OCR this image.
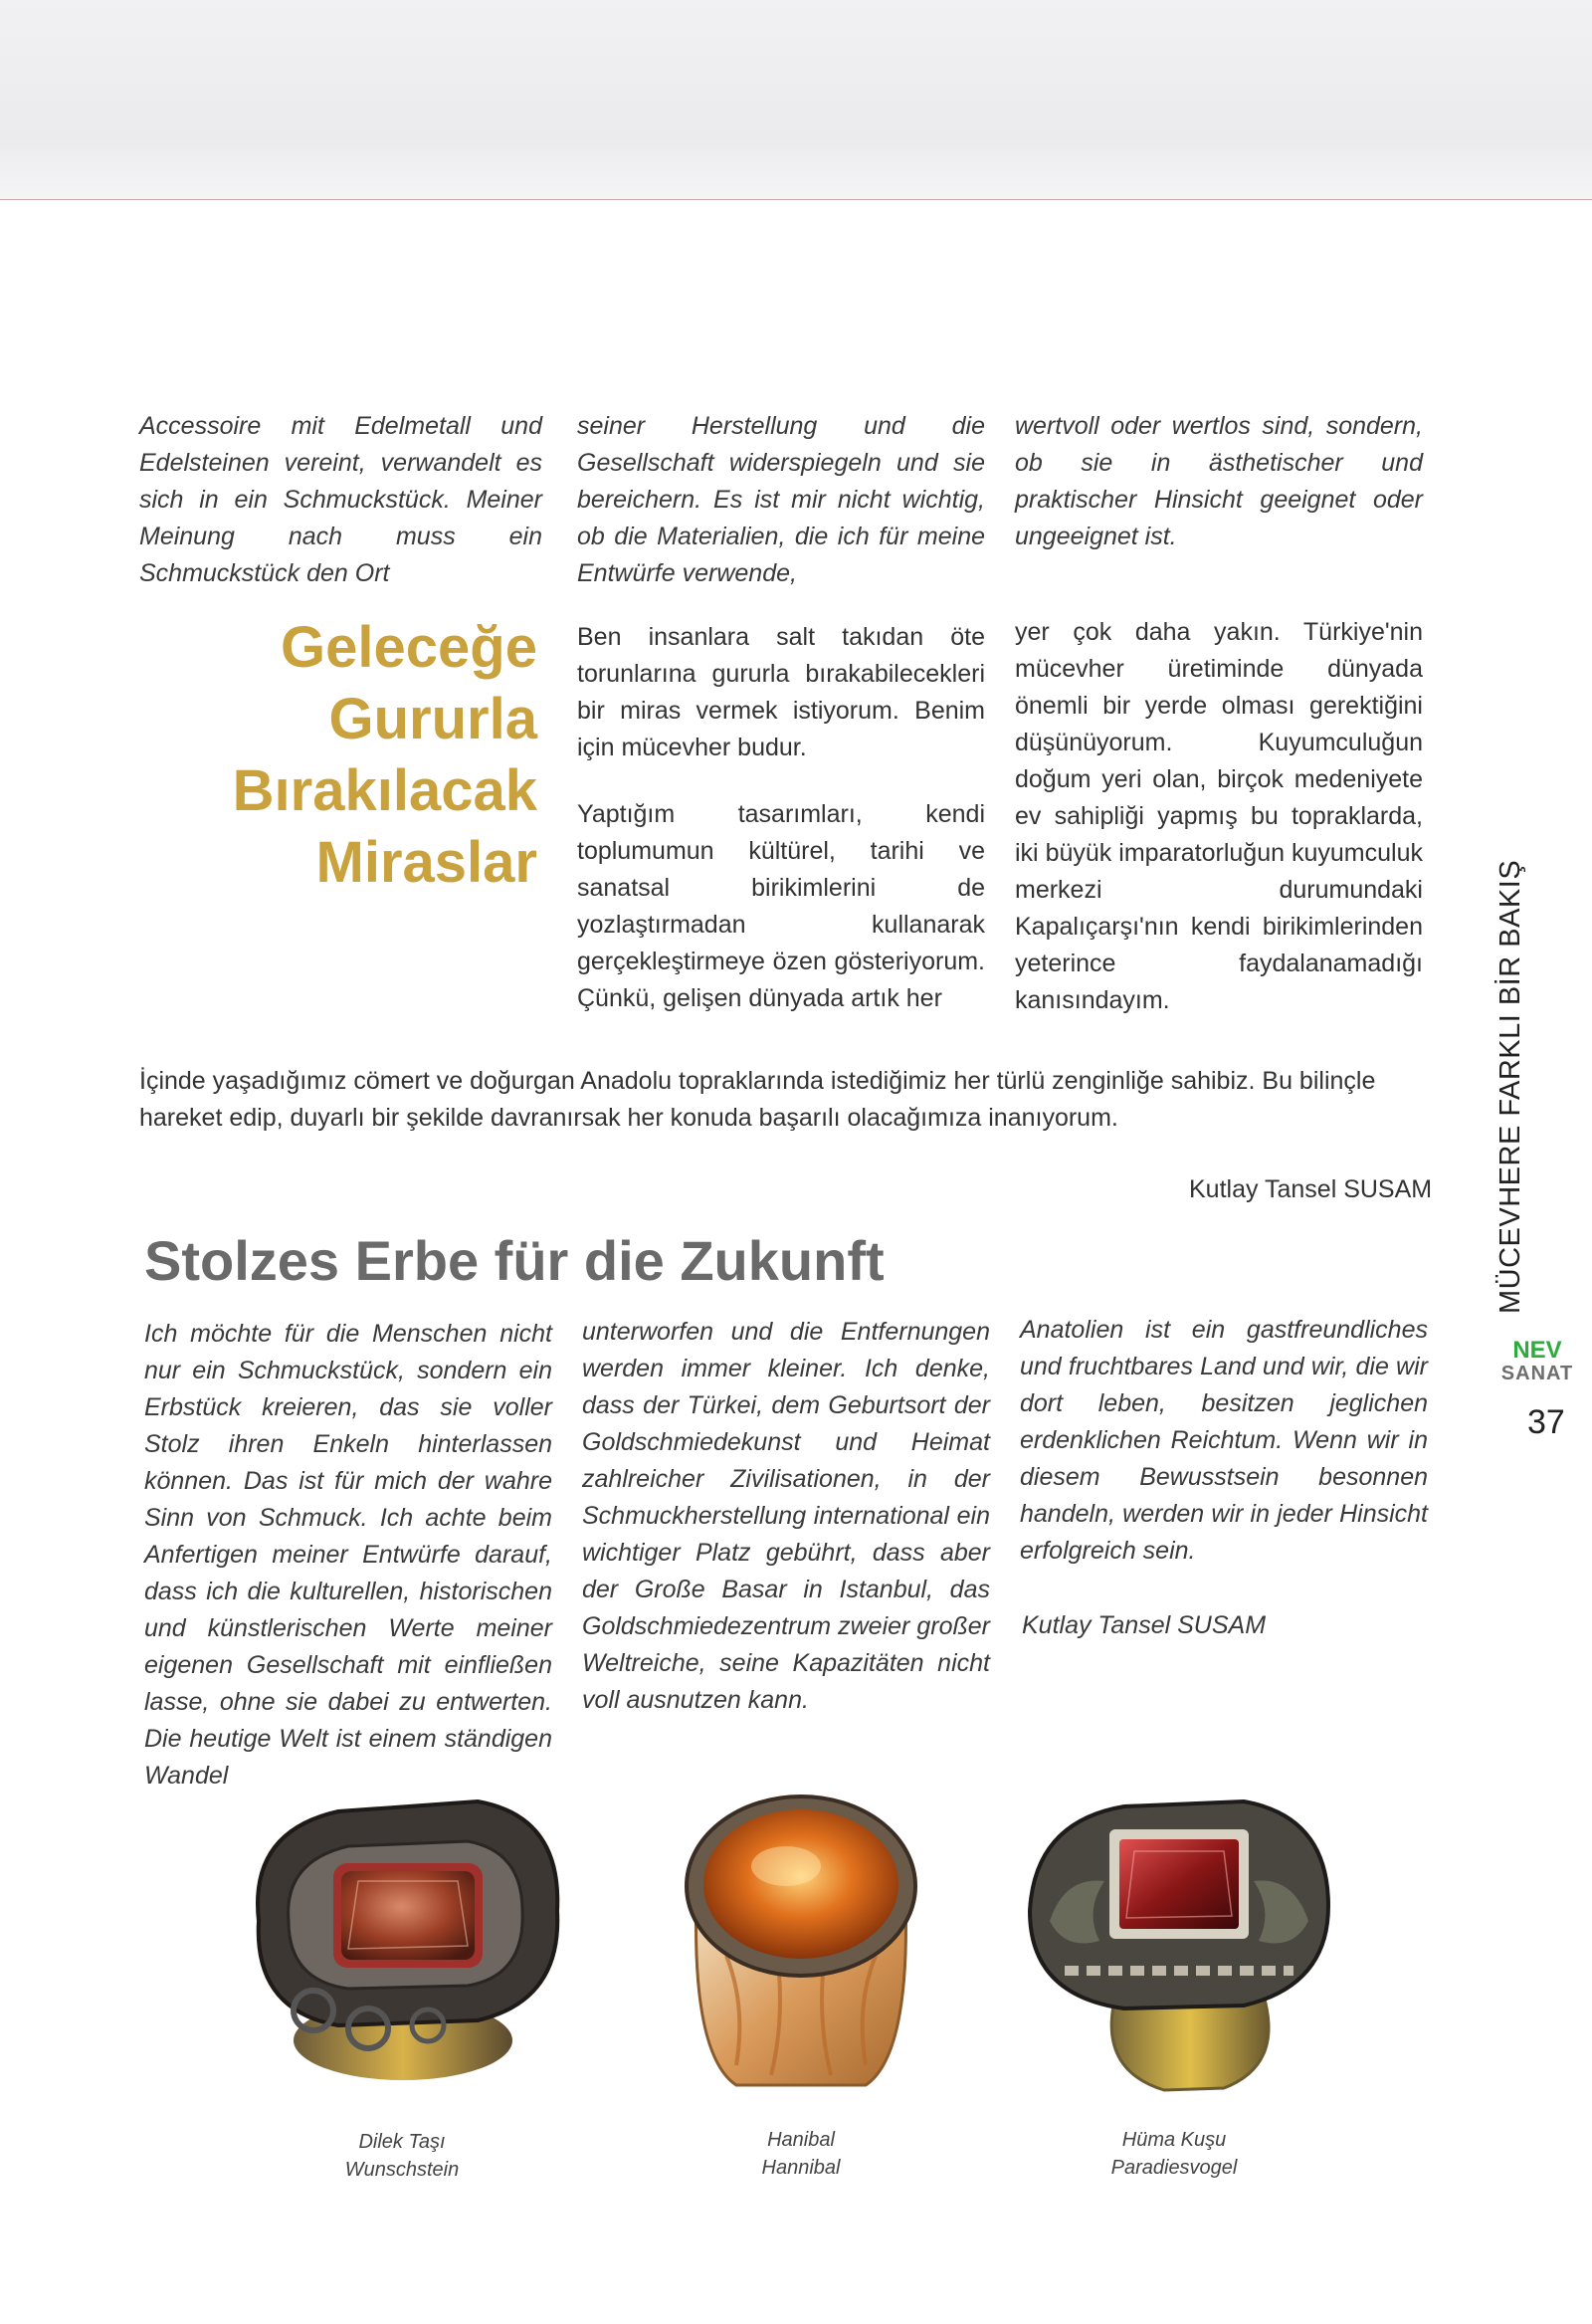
Accessoire mit Edelmetall und Edelsteinen vereint, verwandelt es sich in ein Schmuckstück. Meiner Meinung nach muss ein Schmuckstück den Ort
seiner Herstellung und die Gesellschaft widerspiegeln und sie bereichern. Es ist mir nicht wichtig, ob die Materialien, die ich für meine Entwürfe verwende,
wertvoll oder wertlos sind, sondern, ob sie in ästhetischer und praktischer Hinsicht geeignet oder ungeeignet ist.
Geleceğe
Gururla
Bırakılacak
Miraslar

Ben insanlara salt takıdan öte torunlarına gururla bırakabilecekleri bir miras vermek istiyorum. Benim için mücevher budur.

Yaptığım tasarımları, kendi toplumumun kültürel, tarihi ve sanatsal birikimlerini de yozlaştırmadan kullanarak gerçekleştirmeye özen gösteriyorum. Çünkü, gelişen dünyada artık her

yer çok daha yakın. Türkiye'nin mücevher üretiminde dünyada önemli bir yerde olması gerektiğini düşünüyorum. Kuyumculuğun doğum yeri olan, birçok medeniyete ev sahipliği yapmış bu topraklarda, iki büyük imparatorluğun kuyumculuk merkezi durumundaki Kapalıçarşı'nın kendi birikimlerinden yeterince faydalanamadığı kanısındayım.
İçinde yaşadığımız cömert ve doğurgan Anadolu topraklarında istediğimiz her türlü zenginliğe sahibiz. Bu bilinçle hareket edip, duyarlı bir şekilde davranırsak her konuda başarılı olacağımıza inanıyorum.
Kutlay Tansel SUSAM
Stolzes Erbe für die Zukunft
Ich möchte für die Menschen nicht nur ein Schmuckstück, sondern ein Erbstück kreieren, das sie voller Stolz ihren Enkeln hinterlassen können. Das ist für mich der wahre Sinn von Schmuck. Ich achte beim Anfertigen meiner Entwürfe darauf, dass ich die kulturellen, historischen und künstlerischen Werte meiner eigenen Gesellschaft mit einfließen lasse, ohne sie dabei zu entwerten. Die heutige Welt ist einem ständigen Wandel
unterworfen und die Entfernungen werden immer kleiner. Ich denke, dass der Türkei, dem Geburtsort der Goldschmiedekunst und Heimat zahlreicher Zivilisationen, in der Schmuckherstellung international ein wichtiger Platz gebührt, dass aber der Große Basar in Istanbul, das Goldschmiedezentrum zweier großer Weltreiche, seine Kapazitäten nicht voll ausnutzen kann.
Anatolien ist ein gastfreundliches und fruchtbares Land und wir, die wir dort leben, besitzen jeglichen erdenklichen Reichtum. Wenn wir in diesem Bewusstsein besonnen handeln, werden wir in jeder Hinsicht erfolgreich sein.
Kutlay Tansel SUSAM
MÜCEVHERE FARKLI BİR BAKIŞ
NEV
SANAT
37
Dilek Taşı
Wunschstein
Hanibal
Hannibal
Hüma Kuşu
Paradiesvogel
